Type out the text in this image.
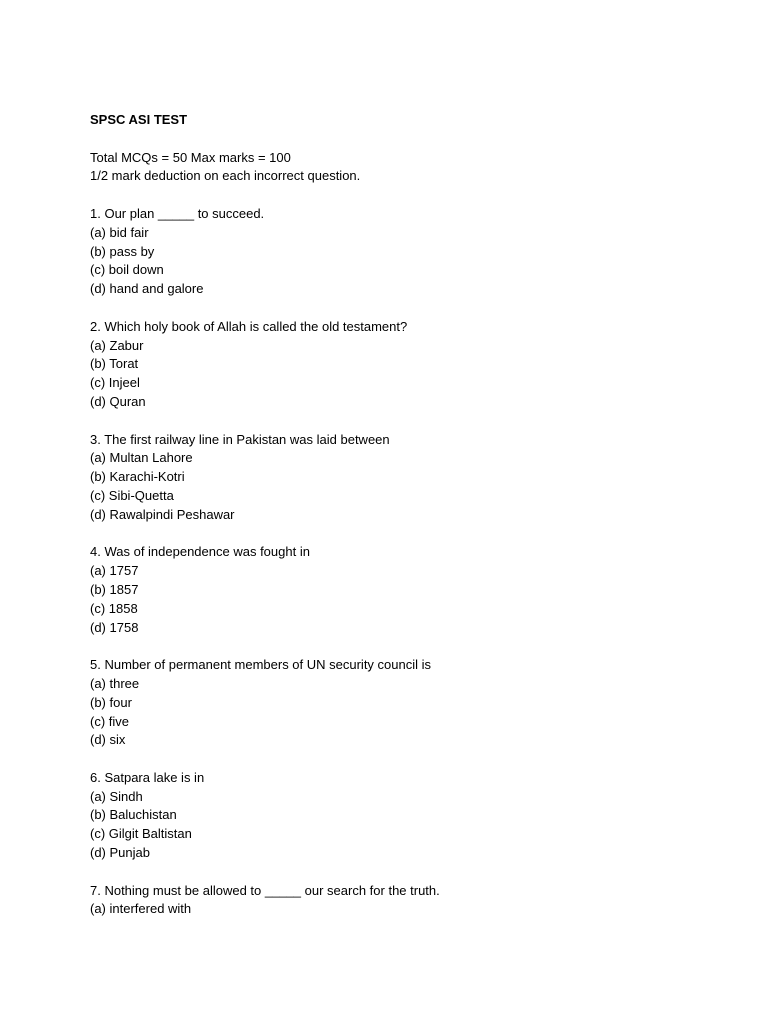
SPSC ASI TEST
Total MCQs = 50 Max marks = 100
1/2 mark deduction on each incorrect question.
1. Our plan _____ to succeed.
(a) bid fair
(b) pass by
(c) boil down
(d) hand and galore
2. Which holy book of Allah is called the old testament?
(a) Zabur
(b) Torat
(c) Injeel
(d) Quran
3. The first railway line in Pakistan was laid between
(a) Multan Lahore
(b) Karachi-Kotri
(c) Sibi-Quetta
(d) Rawalpindi Peshawar
4. Was of independence was fought in
(a) 1757
(b) 1857
(c) 1858
(d) 1758
5. Number of permanent members of UN security council is
(a) three
(b) four
(c) five
(d) six
6. Satpara lake is in
(a) Sindh
(b) Baluchistan
(c) Gilgit Baltistan
(d) Punjab
7. Nothing must be allowed to _____ our search for the truth.
(a) interfered with
